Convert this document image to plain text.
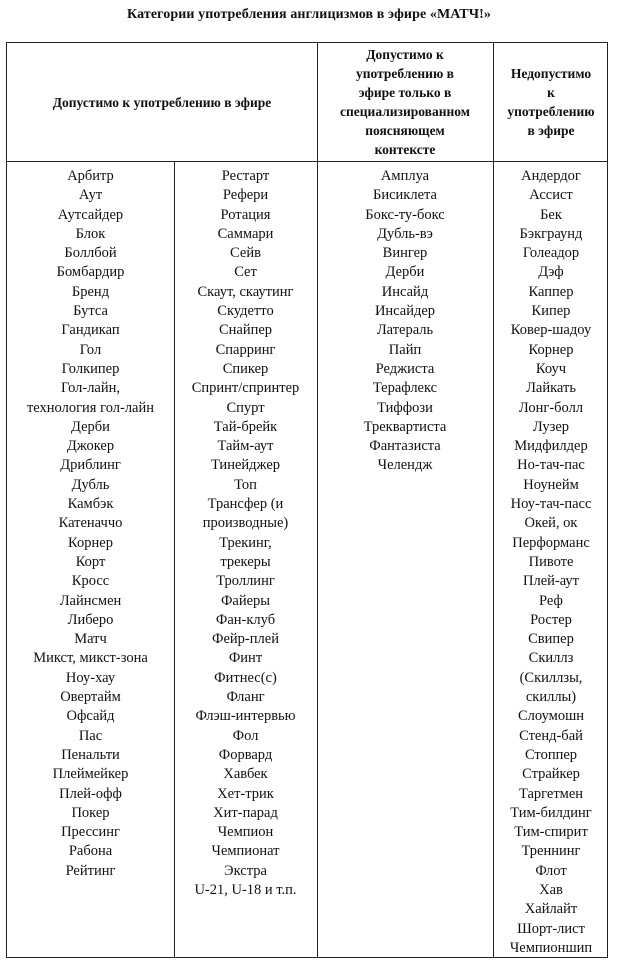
Категории употребления англицизмов в эфире «МАТЧ!»
Допустимо к употреблению в эфире
Допустимо к
употреблению в
эфире только в
специализированном
поясняющем
контексте
Недопустимо
к
употреблению
в эфире
Арбитр
Аут
Аутсайдер
Блок
Боллбой
Бомбардир
Бренд
Бутса
Гандикап
Гол
Голкипер
Гол-лайн,
технология гол-лайн
Дерби
Джокер
Дриблинг
Дубль
Камбэк
Катеначчо
Корнер
Корт
Кросс
Лайнсмен
Либеро
Матч
Микст, микст-зона
Ноу-хау
Овертайм
Офсайд
Пас
Пенальти
Плеймейкер
Плей-офф
Покер
Прессинг
Рабона
Рейтинг
Рестарт
Рефери
Ротация
Саммари
Сейв
Сет
Скаут, скаутинг
Скудетто
Снайпер
Спарринг
Спикер
Спринт/спринтер
Спурт
Тай-брейк
Тайм-аут
Тинейджер
Топ
Трансфер (и
производные)
Трекинг,
трекеры
Троллинг
Файеры
Фан-клуб
Фейр-плей
Финт
Фитнес(с)
Фланг
Флэш-интервью
Фол
Форвард
Хавбек
Хет-трик
Хит-парад
Чемпион
Чемпионат
Экстра
U-21, U-18 и т.п.
Амплуа
Бисиклета
Бокс-ту-бокс
Дубль-вэ
Вингер
Дерби
Инсайд
Инсайдер
Латераль
Пайп
Реджиста
Терафлекс
Тиффози
Треквартиста
Фантазиста
Челендж
Андердог
Ассист
Бек
Бэкграунд
Голеадор
Дэф
Каппер
Кипер
Ковер-шадоу
Корнер
Коуч
Лайкать
Лонг-болл
Лузер
Мидфилдер
Но-тач-пас
Ноунейм
Ноу-тач-пасс
Окей, ок
Перформанс
Пивоте
Плей-аут
Реф
Ростер
Свипер
Скиллз
(Скиллзы,
скиллы)
Слоумошн
Стенд-бай
Стоппер
Страйкер
Таргетмен
Тим-билдинг
Тим-спирит
Треннинг
Флот
Хав
Хайлайт
Шорт-лист
Чемпионшип
